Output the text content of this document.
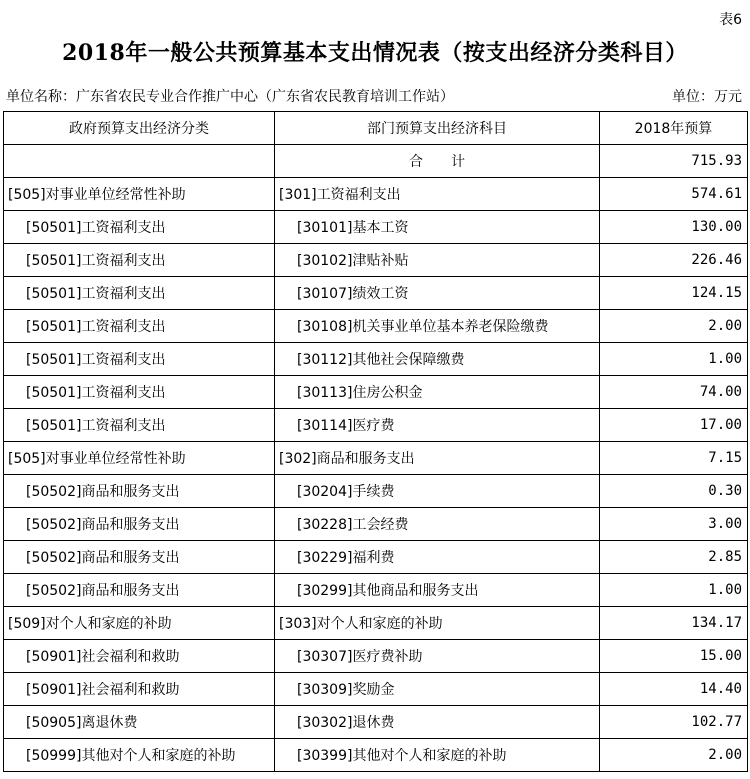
表6
2018年一般公共预算基本支出情况表（按支出经济分类科目）
单位名称：广东省农民专业合作推广中心（广东省农民教育培训工作站）	单位：万元
政府预算支出经济分类	部门预算支出经济科目	2018年预算
	合　　计	715.93
[505]对事业单位经常性补助	[301]工资福利支出	574.61
[50501]工资福利支出	[30101]基本工资	130.00
[50501]工资福利支出	[30102]津贴补贴	226.46
[50501]工资福利支出	[30107]绩效工资	124.15
[50501]工资福利支出	[30108]机关事业单位基本养老保险缴费	2.00
[50501]工资福利支出	[30112]其他社会保障缴费	1.00
[50501]工资福利支出	[30113]住房公积金	74.00
[50501]工资福利支出	[30114]医疗费	17.00
[505]对事业单位经常性补助	[302]商品和服务支出	7.15
[50502]商品和服务支出	[30204]手续费	0.30
[50502]商品和服务支出	[30228]工会经费	3.00
[50502]商品和服务支出	[30229]福利费	2.85
[50502]商品和服务支出	[30299]其他商品和服务支出	1.00
[509]对个人和家庭的补助	[303]对个人和家庭的补助	134.17
[50901]社会福利和救助	[30307]医疗费补助	15.00
[50901]社会福利和救助	[30309]奖励金	14.40
[50905]离退休费	[30302]退休费	102.77
[50999]其他对个人和家庭的补助	[30399]其他对个人和家庭的补助	2.00
